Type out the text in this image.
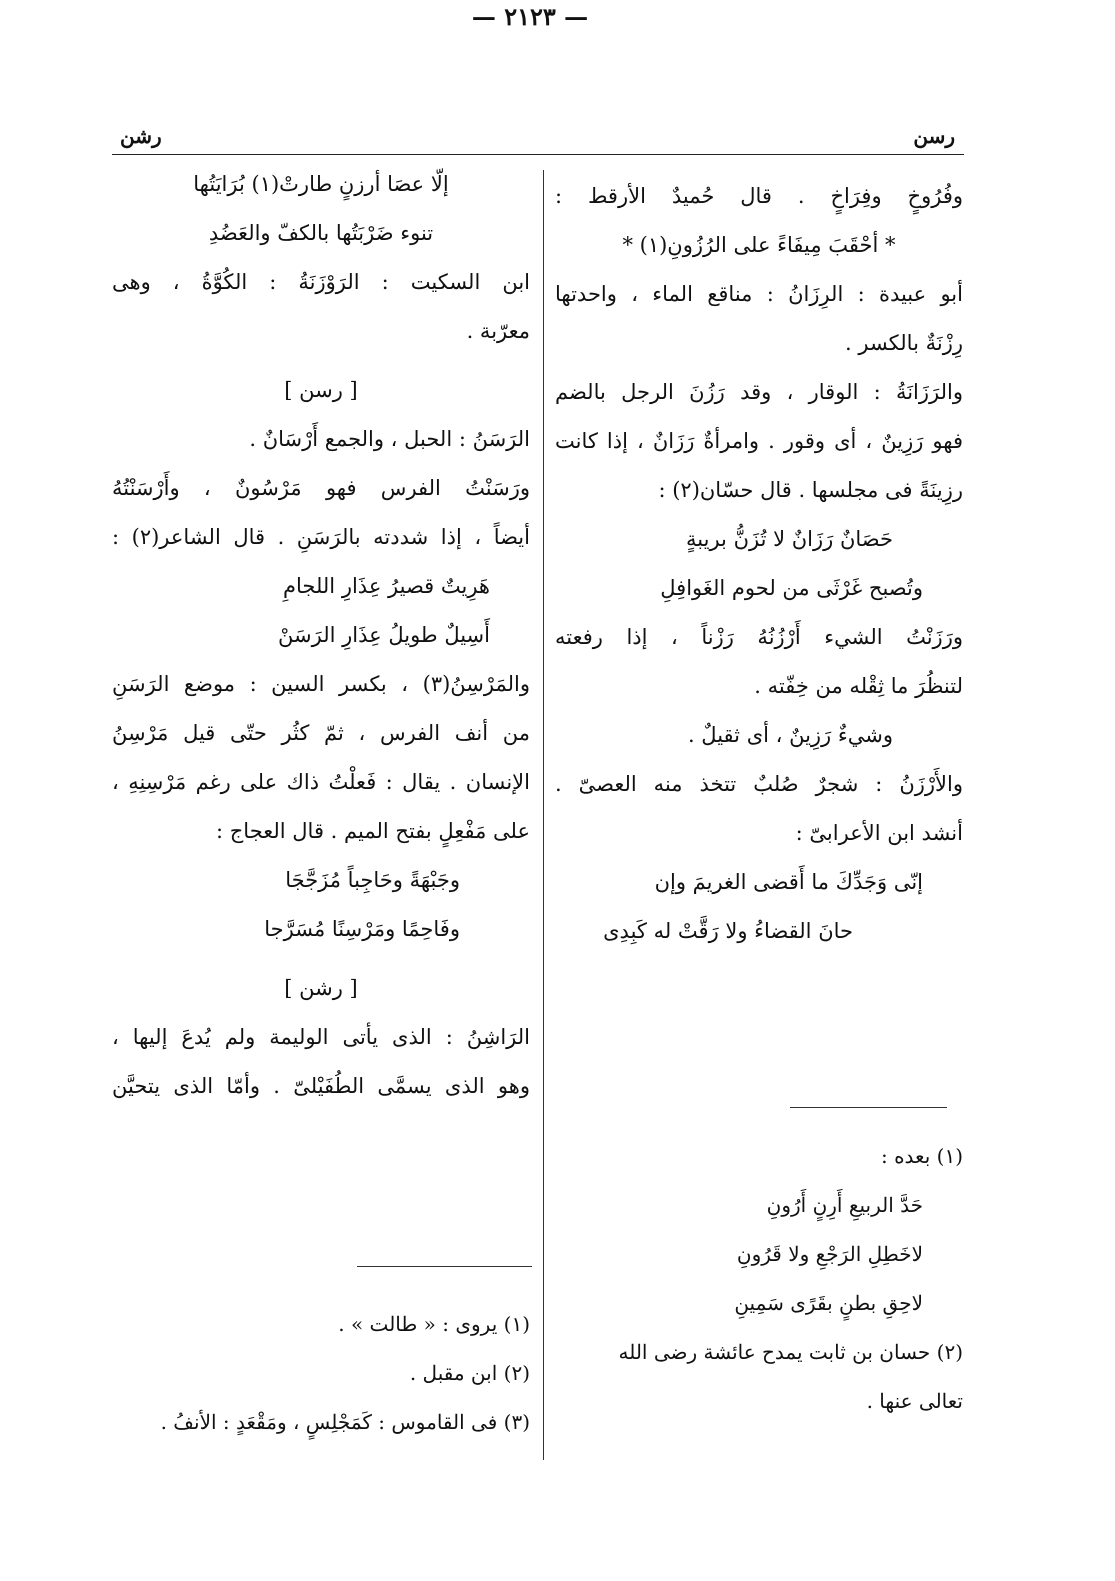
رسن
رشن
— ٢١٢٣ —
وفُرُوخٍ وفِرَاخٍ . قال حُميدٌ الأرقط :
* أحْقَبَ مِيفَاءً على الرُزُونِ(١) *
أبو عبيدة : الرِزَانُ : مناقع الماء ، واحدتها
رِزْنَةٌ بالكسر .
والرَزَانَةُ : الوقار ، وقد رَزُنَ الرجل بالضم
فهو رَزِينٌ ، أى وقور . وامرأةٌ رَزَانٌ ، إذا كانت
رزِينَةً فى مجلسها . قال حسّان(٢) :
حَصَانٌ رَزَانٌ لا تُزَنُّ بريبةٍ
وتُصبح غَرْثَى من لحوم الغَوافِلِ
ورَزَنْتُ الشيء أَرْزُنُهُ رَزْناً ، إذا رفعته
لتنظُرَ ما ثِقْله من خِفّته .
وشيءٌ رَزِينٌ ، أى ثقيلٌ .
والأَرْزَنُ : شجرٌ صُلبٌ تتخذ منه العصىّ .
أنشد ابن الأعرابىّ :
إنّى وَجَدِّكَ ما أَقضى الغريمَ وإن
حانَ القضاءُ ولا رَقَّتْ له كَبِدِى
(١) بعده :
حَدَّ الربيعِ أَرِنٍ أَرُونِ
لاخَطِلِ الرَجْعِ ولا قَرُونِ
لاحِقِ بطنٍ بقَرًى سَمِينِ
(٢) حسان بن ثابت يمدح عائشة رضى الله
تعالى عنها .
إلّا عصَا أرزنٍ طارتْ(١) بُرَايَتُها
تنوء ضَرْبَتُها بالكفّ والعَضُدِ
ابن السكيت : الرَوْزَنَةُ : الكُوَّةُ ، وهى
معرّبة .
[ رسن ]
الرَسَنُ : الحبل ، والجمع أَرْسَانٌ .
ورَسَنْتُ الفرس فهو مَرْسُونٌ ، وأَرْسَنْتُهُ
أيضاً ، إذا شددته بالرَسَنِ . قال الشاعر(٢) :
هَرِيتٌ قصيرُ عِذَارِ اللجامِ
أَسِيلٌ طويلُ عِذَارِ الرَسَنْ
والمَرْسِنُ(٣) ، بكسر السين : موضع الرَسَنِ
من أنف الفرس ، ثمّ كثُر حتّى قيل مَرْسِنُ
الإنسان . يقال : فَعلْتُ ذاك على رغم مَرْسِنِهِ ،
على مَفْعِلٍ بفتح الميم . قال العجاج :
وجَبْهَةً وحَاجِباً مُزَجَّجَا
وفَاحِمًا ومَرْسِنًا مُسَرَّجا
[ رشن ]
الرَاشِنُ : الذى يأتى الوليمة ولم يُدعَ إليها ،
وهو الذى يسمَّى الطُفَيْلىّ . وأمّا الذى يتحيَّن
(١) يروى : « طالت » .
(٢) ابن مقبل .
(٣) فى القاموس : كَمَجْلِسٍ ، ومَقْعَدٍ : الأنفُ .
